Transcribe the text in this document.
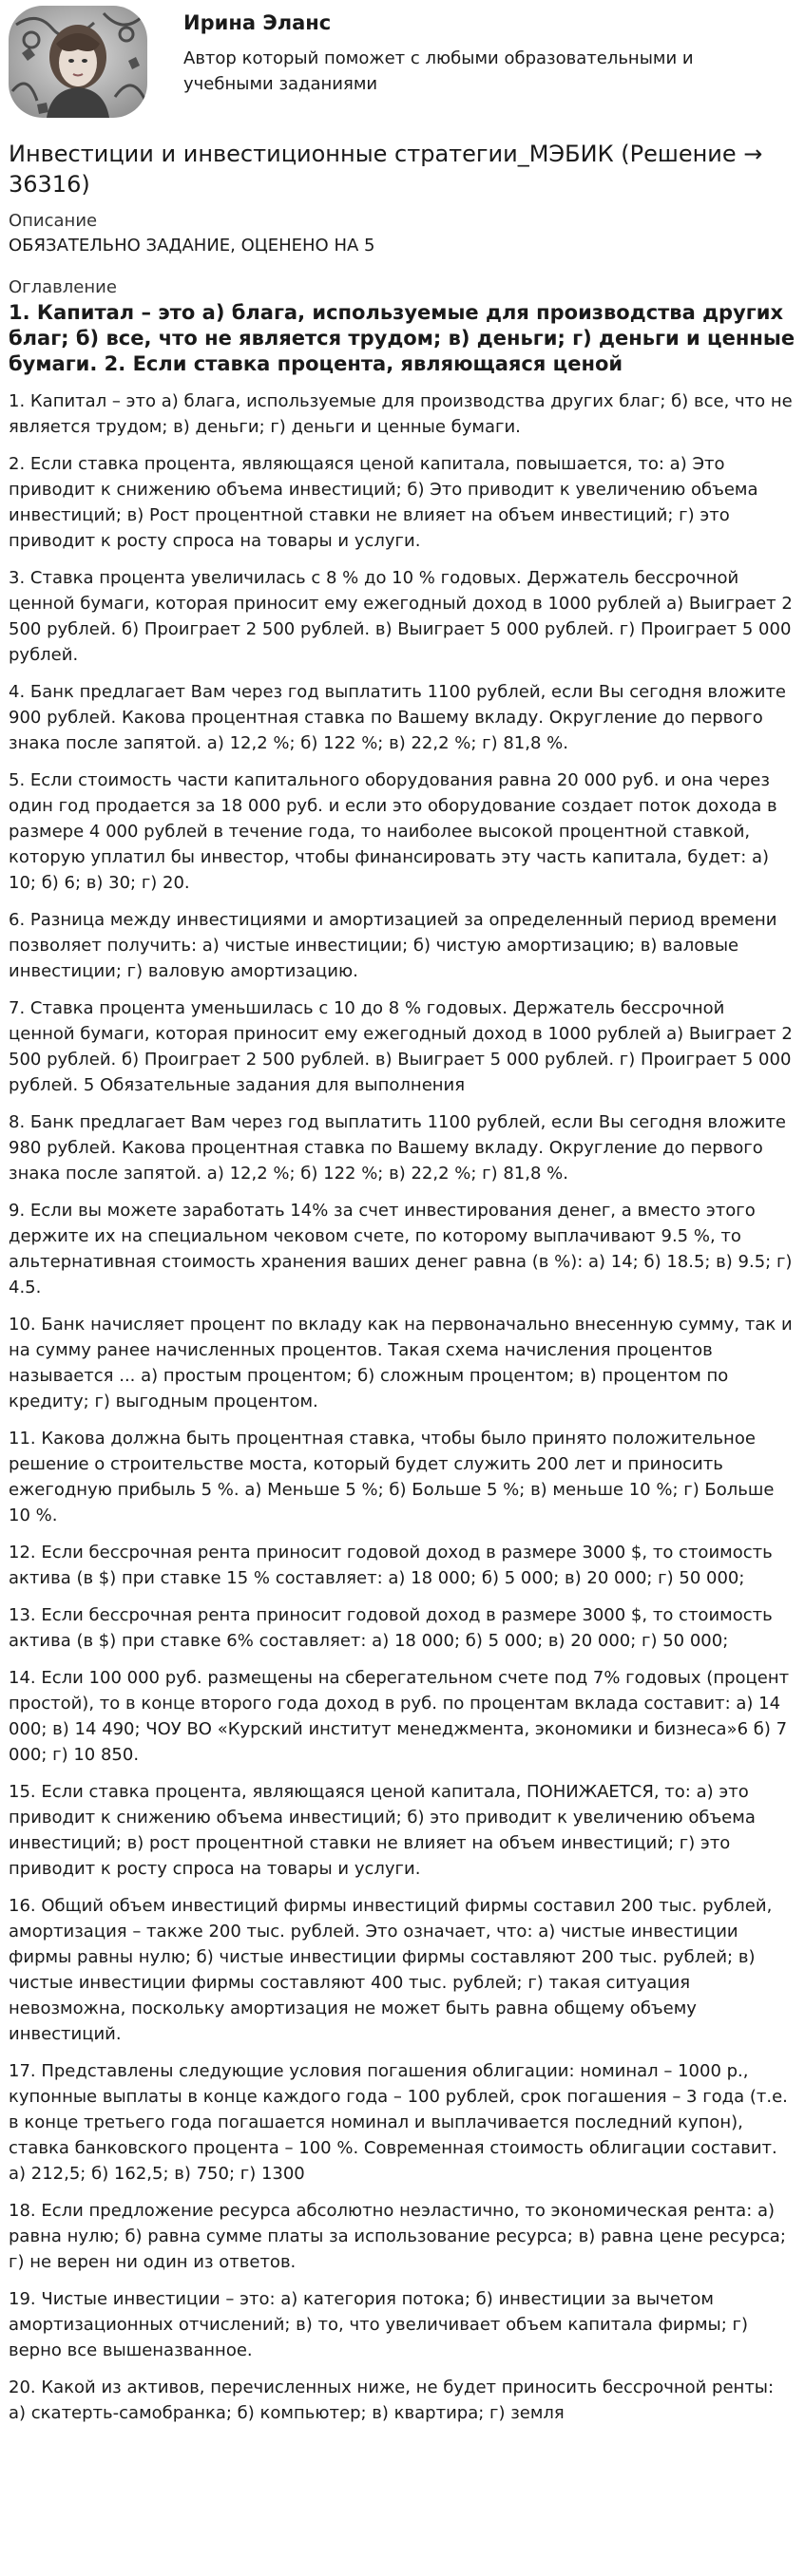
Ирина Эланс
Автор который поможет с любыми образовательными и учебными заданиями
Инвестиции и инвестиционные стратегии_МЭБИК (Решение → 36316)
Описание
ОБЯЗАТЕЛЬНО ЗАДАНИЕ, ОЦЕНЕНО НА 5
Оглавление
1. Капитал – это а) блага, используемые для производства других благ; б) все, что не является трудом; в) деньги; г) деньги и ценные бумаги. 2. Если ставка процента, являющаяся ценой

1. Капитал – это а) блага, используемые для производства других благ; б) все, что не является трудом; в) деньги; г) деньги и ценные бумаги.

2. Если ставка процента, являющаяся ценой капитала, повышается, то: а) Это приводит к снижению объема инвестиций; б) Это приводит к увеличению объема инвестиций; в) Рост процентной ставки не влияет на объем инвестиций; г) это приводит к росту спроса на товары и услуги.

3. Ставка процента увеличилась с 8 % до 10 % годовых. Держатель бессрочной ценной бумаги, которая приносит ему ежегодный доход в 1000 рублей а) Выиграет 2 500 рублей. б) Проиграет 2 500 рублей. в) Выиграет 5 000 рублей. г) Проиграет 5 000 рублей.

4. Банк предлагает Вам через год выплатить 1100 рублей, если Вы сегодня вложите 900 рублей. Какова процентная ставка по Вашему вкладу. Округление до первого знака после запятой. а) 12,2 %; б) 122 %; в) 22,2 %; г) 81,8 %.

5. Если стоимость части капитального оборудования равна 20 000 руб. и она через один год продается за 18 000 руб. и если это оборудование создает поток дохода в размере 4 000 рублей в течение года, то наиболее высокой процентной ставкой, которую уплатил бы инвестор, чтобы финансировать эту часть капитала, будет: а) 10; б) 6; в) 30; г) 20.

6. Разница между инвестициями и амортизацией за определенный период времени позволяет получить: а) чистые инвестиции; б) чистую амортизацию; в) валовые инвестиции; г) валовую амортизацию.

7. Ставка процента уменьшилась с 10 до 8 % годовых. Держатель бессрочной ценной бумаги, которая приносит ему ежегодный доход в 1000 рублей а) Выиграет 2 500 рублей. б) Проиграет 2 500 рублей. в) Выиграет 5 000 рублей. г) Проиграет 5 000 рублей. 5 Обязательные задания для выполнения

8. Банк предлагает Вам через год выплатить 1100 рублей, если Вы сегодня вложите 980 рублей. Какова процентная ставка по Вашему вкладу. Округление до первого знака после запятой. а) 12,2 %; б) 122 %; в) 22,2 %; г) 81,8 %.

9. Если вы можете заработать 14% за счет инвестирования денег, а вместо этого держите их на специальном чековом счете, по которому выплачивают 9.5 %, то альтернативная стоимость хранения ваших денег равна (в %): а) 14; б) 18.5; в) 9.5; г) 4.5.

10. Банк начисляет процент по вкладу как на первоначально внесенную сумму, так и на сумму ранее начисленных процентов. Такая схема начисления процентов называется ... а) простым процентом; б) сложным процентом; в) процентом по кредиту; г) выгодным процентом.

11. Какова должна быть процентная ставка, чтобы было принято положительное решение о строительстве моста, который будет служить 200 лет и приносить ежегодную прибыль 5 %. а) Меньше 5 %; б) Больше 5 %; в) меньше 10 %; г) Больше 10 %.

12. Если бессрочная рента приносит годовой доход в размере 3000 $, то стоимость актива (в $) при ставке 15 % составляет: а) 18 000; б) 5 000; в) 20 000; г) 50 000;

13. Если бессрочная рента приносит годовой доход в размере 3000 $, то стоимость актива (в $) при ставке 6% составляет: а) 18 000; б) 5 000; в) 20 000; г) 50 000;

14. Если 100 000 руб. размещены на сберегательном счете под 7% годовых (процент простой), то в конце второго года доход в руб. по процентам вклада составит: а) 14 000; в) 14 490; ЧОУ ВО «Курский институт менеджмента, экономики и бизнеса»6 б) 7 000; г) 10 850.

15. Если ставка процента, являющаяся ценой капитала, ПОНИЖАЕТСЯ, то: а) это приводит к снижению объема инвестиций; б) это приводит к увеличению объема инвестиций; в) рост процентной ставки не влияет на объем инвестиций; г) это приводит к росту спроса на товары и услуги.

16. Общий объем инвестиций фирмы инвестиций фирмы составил 200 тыс. рублей, амортизация – также 200 тыс. рублей. Это означает, что: а) чистые инвестиции фирмы равны нулю; б) чистые инвестиции фирмы составляют 200 тыс. рублей; в) чистые инвестиции фирмы составляют 400 тыс. рублей; г) такая ситуация невозможна, поскольку амортизация не может быть равна общему объему инвестиций.

17. Представлены следующие условия погашения облигации: номинал – 1000 р., купонные выплаты в конце каждого года – 100 рублей, срок погашения – 3 года (т.е. в конце третьего года погашается номинал и выплачивается последний купон), ставка банковского процента – 100 %. Современная стоимость облигации составит. а) 212,5; б) 162,5; в) 750; г) 1300

18. Если предложение ресурса абсолютно неэластично, то экономическая рента: а) равна нулю; б) равна сумме платы за использование ресурса; в) равна цене ресурса; г) не верен ни один из ответов.

19. Чистые инвестиции – это: а) категория потока; б) инвестиции за вычетом амортизационных отчислений; в) то, что увеличивает объем капитала фирмы; г) верно все вышеназванное.

20. Какой из активов, перечисленных ниже, не будет приносить бессрочной ренты: а) скатерть-самобранка; б) компьютер; в) квартира; г) земля
